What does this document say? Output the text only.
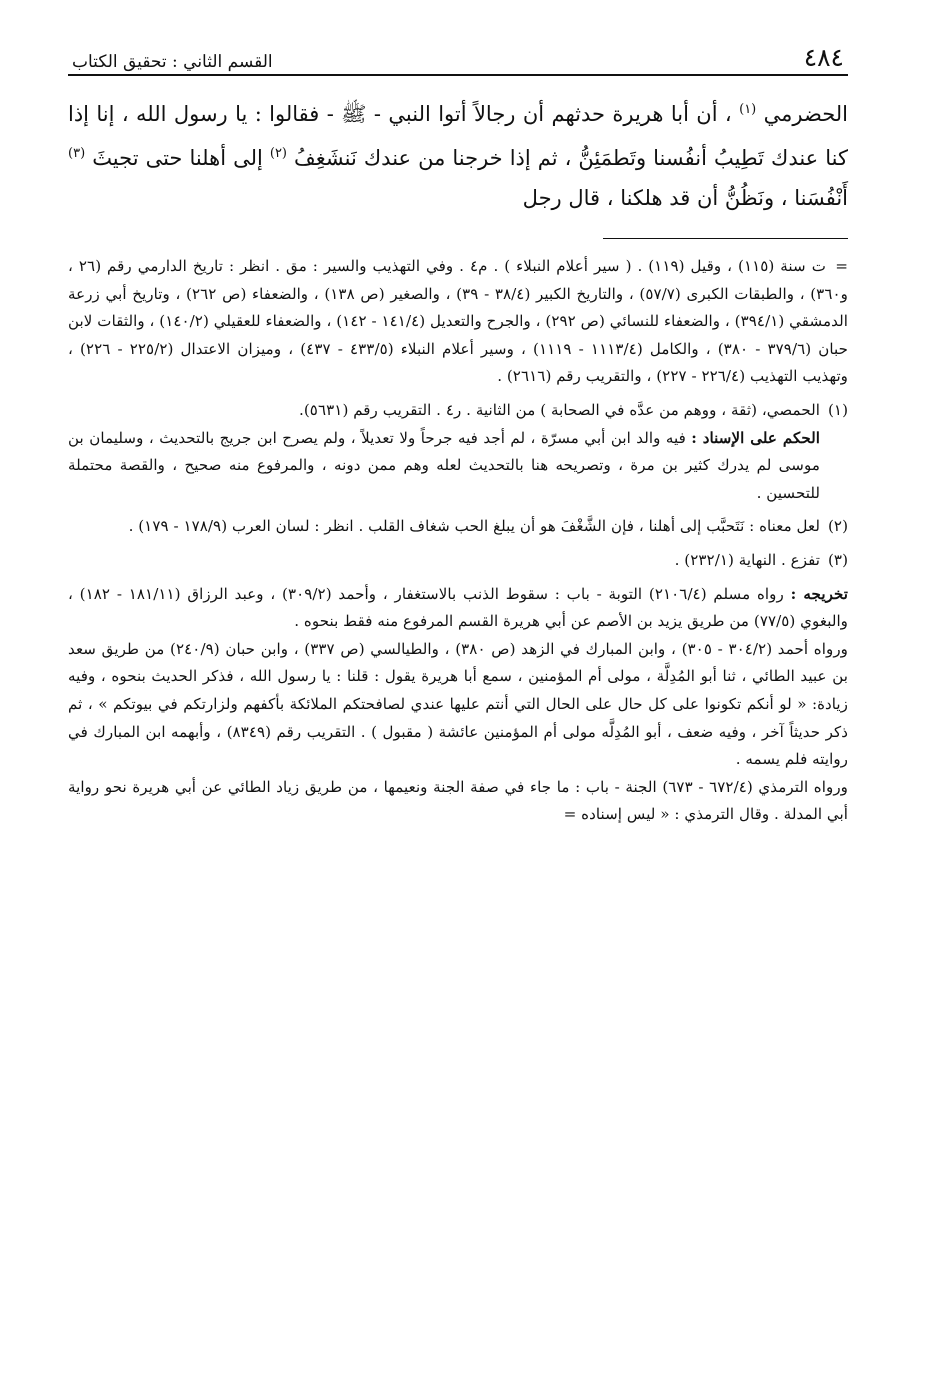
٤٨٤
القسم الثاني : تحقيق الكتاب

الحضرمي $^{(١)}$ ، أن أبا هريرة حدثهم أن رجالاً أتوا النبي - ﷺ - فقالوا : يا رسول الله ، إنا إذا كنا عندك تَطِيبُ أنفُسنا وتَطمَئِنُّ ، ثم إذا خرجنا من عندك نَنشَغِفُ $^{(٢)}$ إلى أهلنا حتى تجيثَ $^{(٣)}$ أَنْفُسَنا ، ونَظُنُّ أن قد هلكنا ، قال رجل

=ت سنة (١١٥) ، وقيل (١١٩) . ( سير أعلام النبلاء ) . م٤ . وفي التهذيب والسير : مق . انظر : تاريخ الدارمي رقم (٢٦ ، و٣٦٠) ، والطبقات الكبرى (٥٧/٧) ، والتاريخ الكبير (٣٨/٤ - ٣٩) ، والصغير (ص ١٣٨) ، والضعفاء (ص ٢٦٢) ، وتاريخ أبي زرعة الدمشقي (٣٩٤/١) ، والضعفاء للنسائي (ص ٢٩٢) ، والجرح والتعديل (١٤١/٤ - ١٤٢) ، والضعفاء للعقيلي (١٤٠/٢) ، والثقات لابن حبان (٣٧٩/٦ - ٣٨٠) ، والكامل (١١١٣/٤ - ١١١٩) ، وسير أعلام النبلاء (٤٣٣/٥ - ٤٣٧) ، وميزان الاعتدال (٢٢٥/٢ - ٢٢٦) ، وتهذيب التهذيب (٢٢٦/٤ - ٢٢٧) ، والتقريب رقم (٢٦١٦) .

(١)

الحمصي، (ثقة ، ووهم من عدَّه في الصحابة ) من الثانية . ر٤ . التقريب رقم (٥٦٣١).

الحكم على الإسناد : فيه والد ابن أبي مسرّة ، لم أجد فيه جرحاً ولا تعديلاً ، ولم يصرح ابن جريج بالتحديث ، وسليمان بن موسى لم يدرك كثير بن مرة ، وتصريحه هنا بالتحديث لعله وهم ممن دونه ، والمرفوع منه صحيح ، والقصة محتملة للتحسين .

(٢)

لعل معناه : نَتَحبَّب إلى أهلنا ، فإن الشَّغْفَ هو أن يبلغ الحب شغاف القلب . انظر : لسان العرب (١٧٨/٩ - ١٧٩) .

(٣)

تفزع . النهاية (٢٣٢/١) .

تخريجه : رواه مسلم (٢١٠٦/٤) التوبة - باب : سقوط الذنب بالاستغفار ، وأحمد (٣٠٩/٢) ، وعبد الرزاق (١٨١/١١ - ١٨٢) ، والبغوي (٧٧/٥) من طريق يزيد بن الأصم عن أبي هريرة القسم المرفوع منه فقط بنحوه .

ورواه أحمد (٣٠٤/٢ - ٣٠٥) ، وابن المبارك في الزهد (ص ٣٨٠) ، والطيالسي (ص ٣٣٧) ، وابن حبان (٢٤٠/٩) من طريق سعد بن عبيد الطائي ، ثنا أبو المُدِلَّة ، مولى أم المؤمنين ، سمع أبا هريرة يقول : قلنا : يا رسول الله ، فذكر الحديث بنحوه ، وفيه زيادة: « لو أنكم تكونوا على كل حال على الحال التي أنتم عليها عندي لصافحتكم الملائكة بأكفهم ولزارتكم في بيوتكم » ، ثم ذكر حديثاً آخر ، وفيه ضعف ، أبو المُدِلَّه مولى أم المؤمنين عائشة ( مقبول ) . التقريب رقم (٨٣٤٩) ، وأبهمه ابن المبارك في روايته فلم يسمه .

ورواه الترمذي (٦٧٢/٤ - ٦٧٣) الجنة - باب : ما جاء في صفة الجنة ونعيمها ، من طريق زياد الطائي عن أبي هريرة نحو رواية أبي المدلة . وقال الترمذي : « ليس إسناده =
